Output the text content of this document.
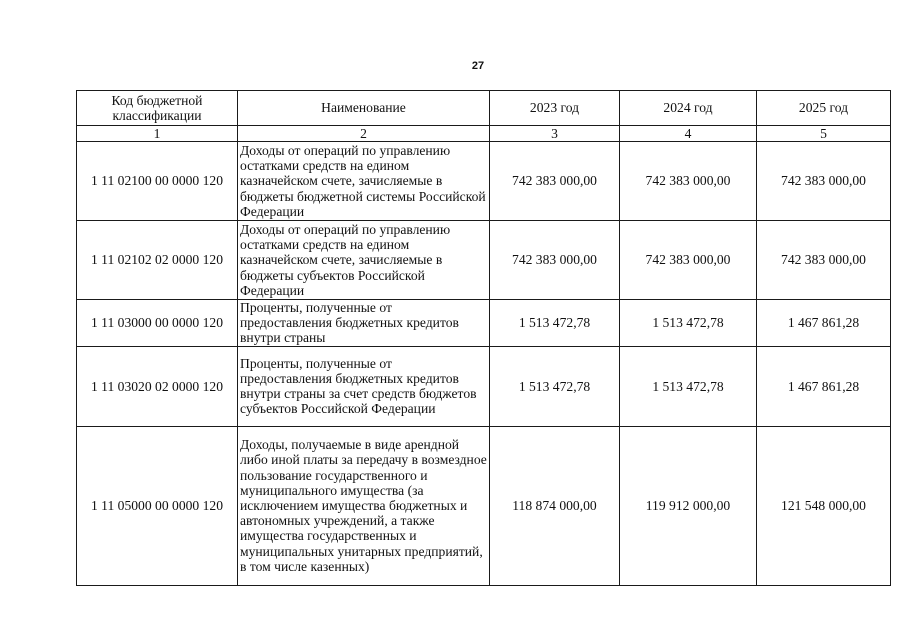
27
Код бюджетной классификации	Наименование	2023 год	2024 год	2025 год
1	2	3	4	5
1 11 02100 00 0000 120	Доходы от операций по управлению остатками средств на едином казначейском счете, зачисляемые в бюджеты бюджетной системы Российской Федерации	742 383 000,00	742 383 000,00	742 383 000,00
1 11 02102 02 0000 120	Доходы от операций по управлению остатками средств на едином казначейском счете, зачисляемые в бюджеты субъектов Российской Федерации	742 383 000,00	742 383 000,00	742 383 000,00
1 11 03000 00 0000 120	Проценты, полученные от предоставления бюджетных кредитов внутри страны	1 513 472,78	1 513 472,78	1 467 861,28
1 11 03020 02 0000 120	Проценты, полученные от предоставления бюджетных кредитов внутри страны за счет средств бюджетов субъектов Российской Федерации	1 513 472,78	1 513 472,78	1 467 861,28
1 11 05000 00 0000 120	Доходы, получаемые в виде арендной либо иной платы за передачу в возмездное пользование государственного и муниципального имущества (за исключением имущества бюджетных и автономных учреждений, а также имущества государственных и муниципальных унитарных предприятий, в том числе казенных)	118 874 000,00	119 912 000,00	121 548 000,00
